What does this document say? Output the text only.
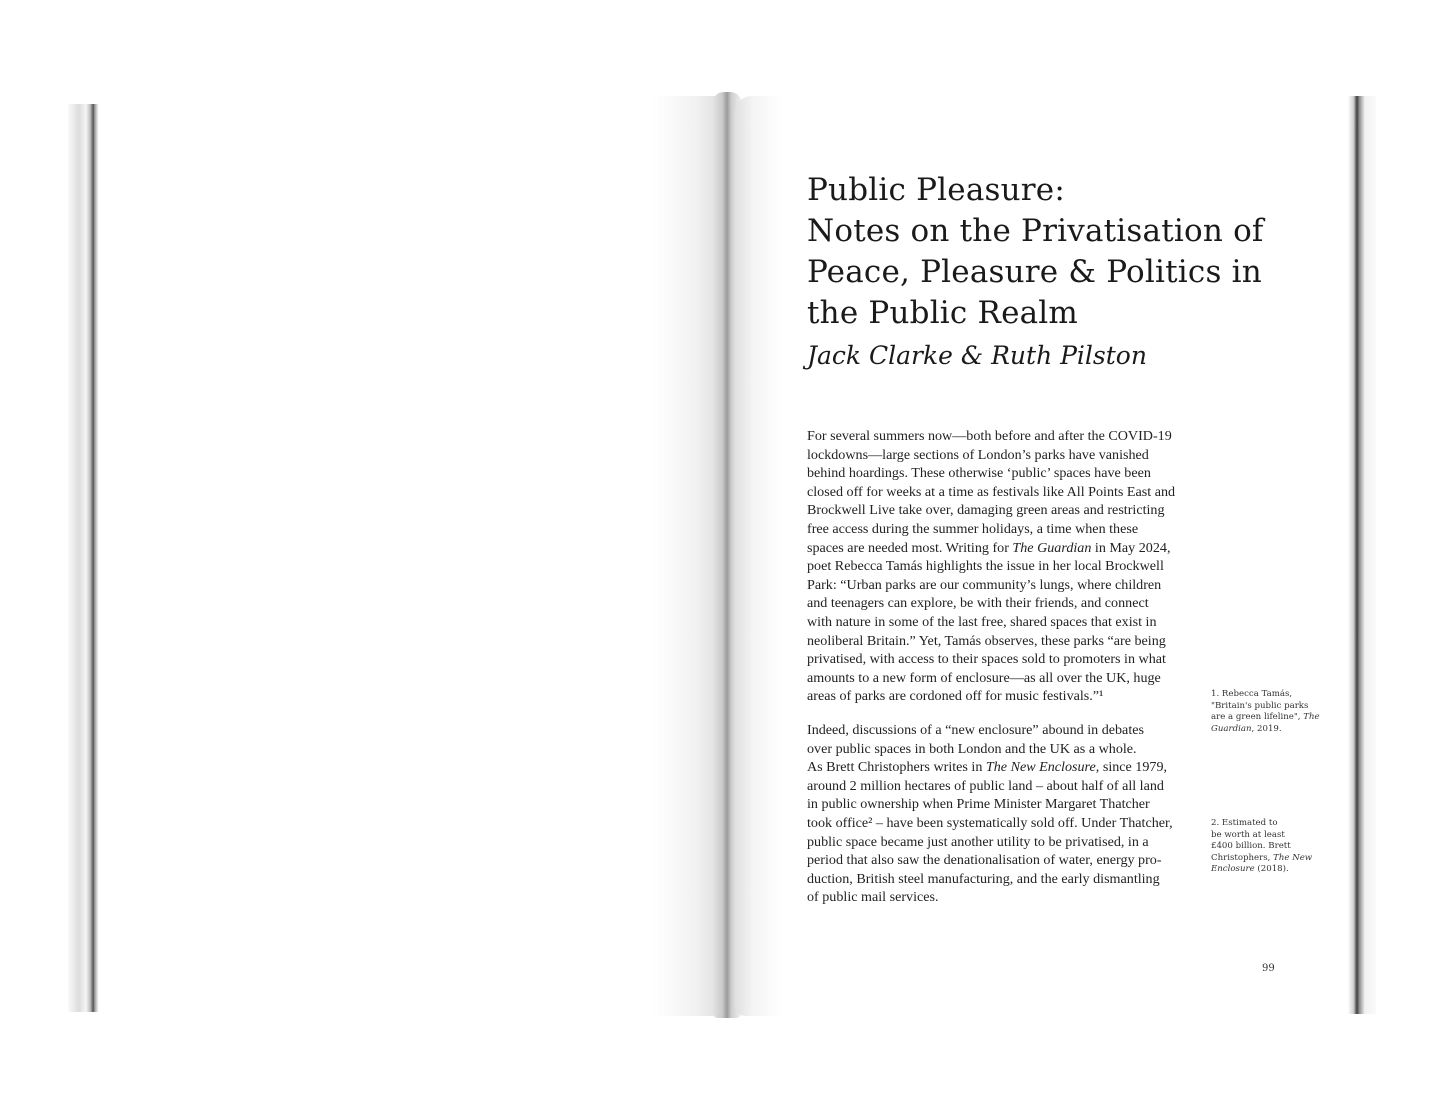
Public Pleasure:
Notes on the Privatisation of
Peace, Pleasure & Politics in
the Public Realm

Jack Clarke & Ruth Pilston

For several summers now—both before and after the COVID-19
lockdowns—large sections of London’s parks have vanished
behind hoardings. These otherwise ‘public’ spaces have been
closed off for weeks at a time as festivals like All Points East and
Brockwell Live take over, damaging green areas and restricting
free access during the summer holidays, a time when these
spaces are needed most. Writing for The Guardian in May 2024,
poet Rebecca Tamás highlights the issue in her local Brockwell
Park: “Urban parks are our community’s lungs, where children
and teenagers can explore, be with their friends, and connect
with nature in some of the last free, shared spaces that exist in
neoliberal Britain.” Yet, Tamás observes, these parks “are being
privatised, with access to their spaces sold to promoters in what
amounts to a new form of enclosure—as all over the UK, huge
areas of parks are cordoned off for music festivals.”¹
Indeed, discussions of a “new enclosure” abound in debates
over public spaces in both London and the UK as a whole.
As Brett Christophers writes in The New Enclosure, since 1979,
around 2 million hectares of public land – about half of all land
in public ownership when Prime Minister Margaret Thatcher
took office² – have been systematically sold off. Under Thatcher,
public space became just another utility to be privatised, in a
period that also saw the denationalisation of water, energy pro-
duction, British steel manufacturing, and the early dismantling
of public mail services.
1. Rebecca Tamás,
"Britain's public parks
are a green lifeline", The
Guardian, 2019.
2. Estimated to
be worth at least
£400 billion. Brett
Christophers, The New
Enclosure (2018).
99
